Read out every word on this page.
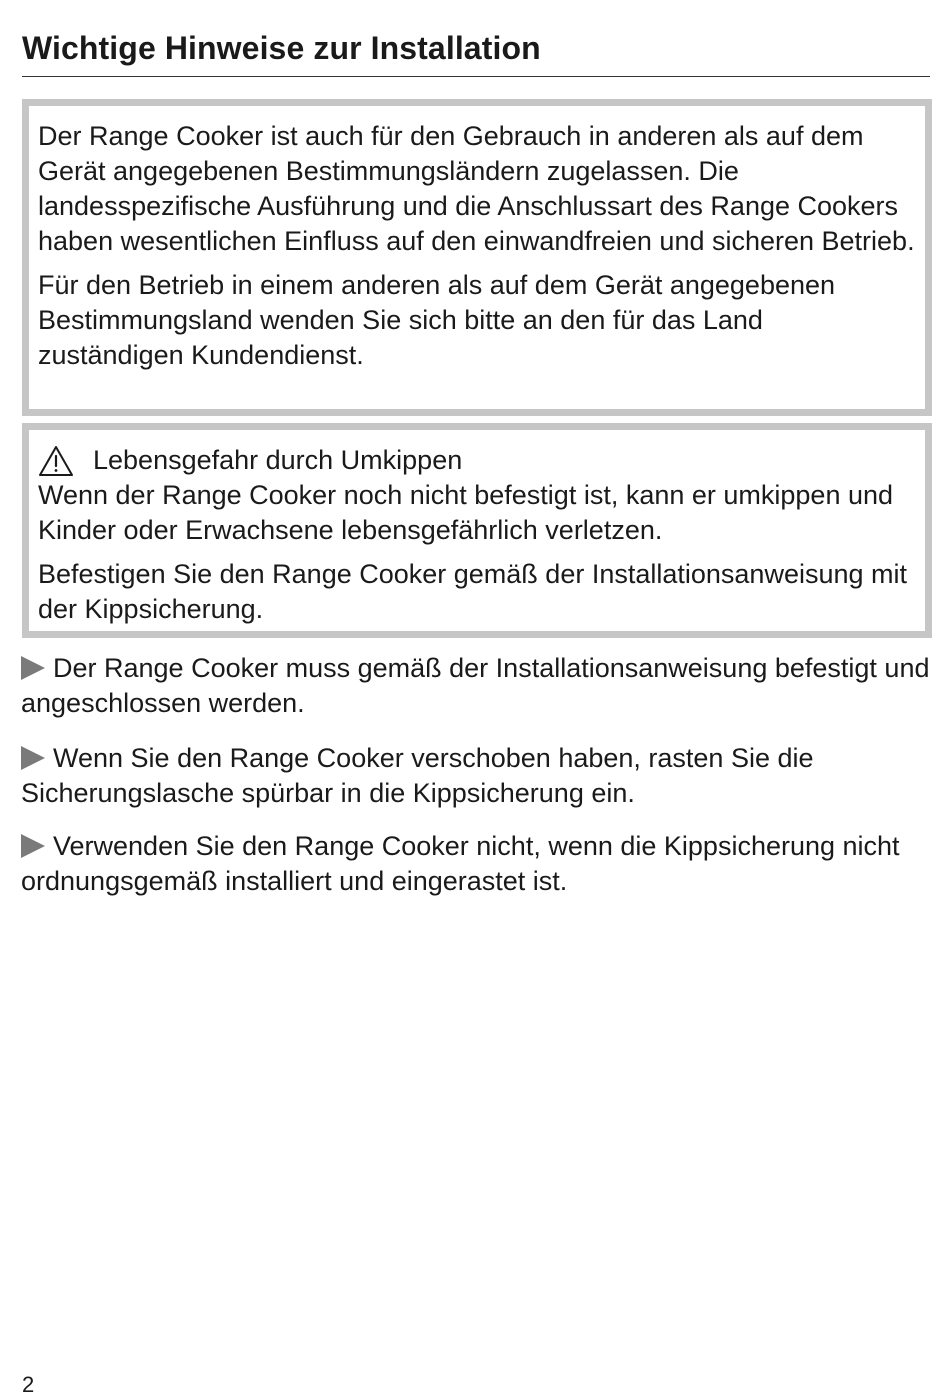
Wichtige Hinweise zur Installation

Der Range Cooker ist auch für den Gebrauch in anderen als auf dem Gerät angegebenen Bestimmungsländern zugelassen. Die landesspezifische Ausführung und die Anschlussart des Range Cookers haben wesentlichen Einfluss auf den einwandfreien und sicheren Betrieb.

Für den Betrieb in einem anderen als auf dem Gerät angegebenen Bestimmungsland wenden Sie sich bitte an den für das Land zuständigen Kundendienst.

Lebensgefahr durch Umkippen

Wenn der Range Cooker noch nicht befestigt ist, kann er umkippen und Kinder oder Erwachsene lebensgefährlich verletzen.

Befestigen Sie den Range Cooker gemäß der Installationsanweisung mit der Kippsicherung.

Der Range Cooker muss gemäß der Installationsanweisung befestigt und angeschlossen werden.

Wenn Sie den Range Cooker verschoben haben, rasten Sie die Sicherungslasche spürbar in die Kippsicherung ein.

Verwenden Sie den Range Cooker nicht, wenn die Kippsicherung nicht ordnungsgemäß installiert und eingerastet ist.

2
